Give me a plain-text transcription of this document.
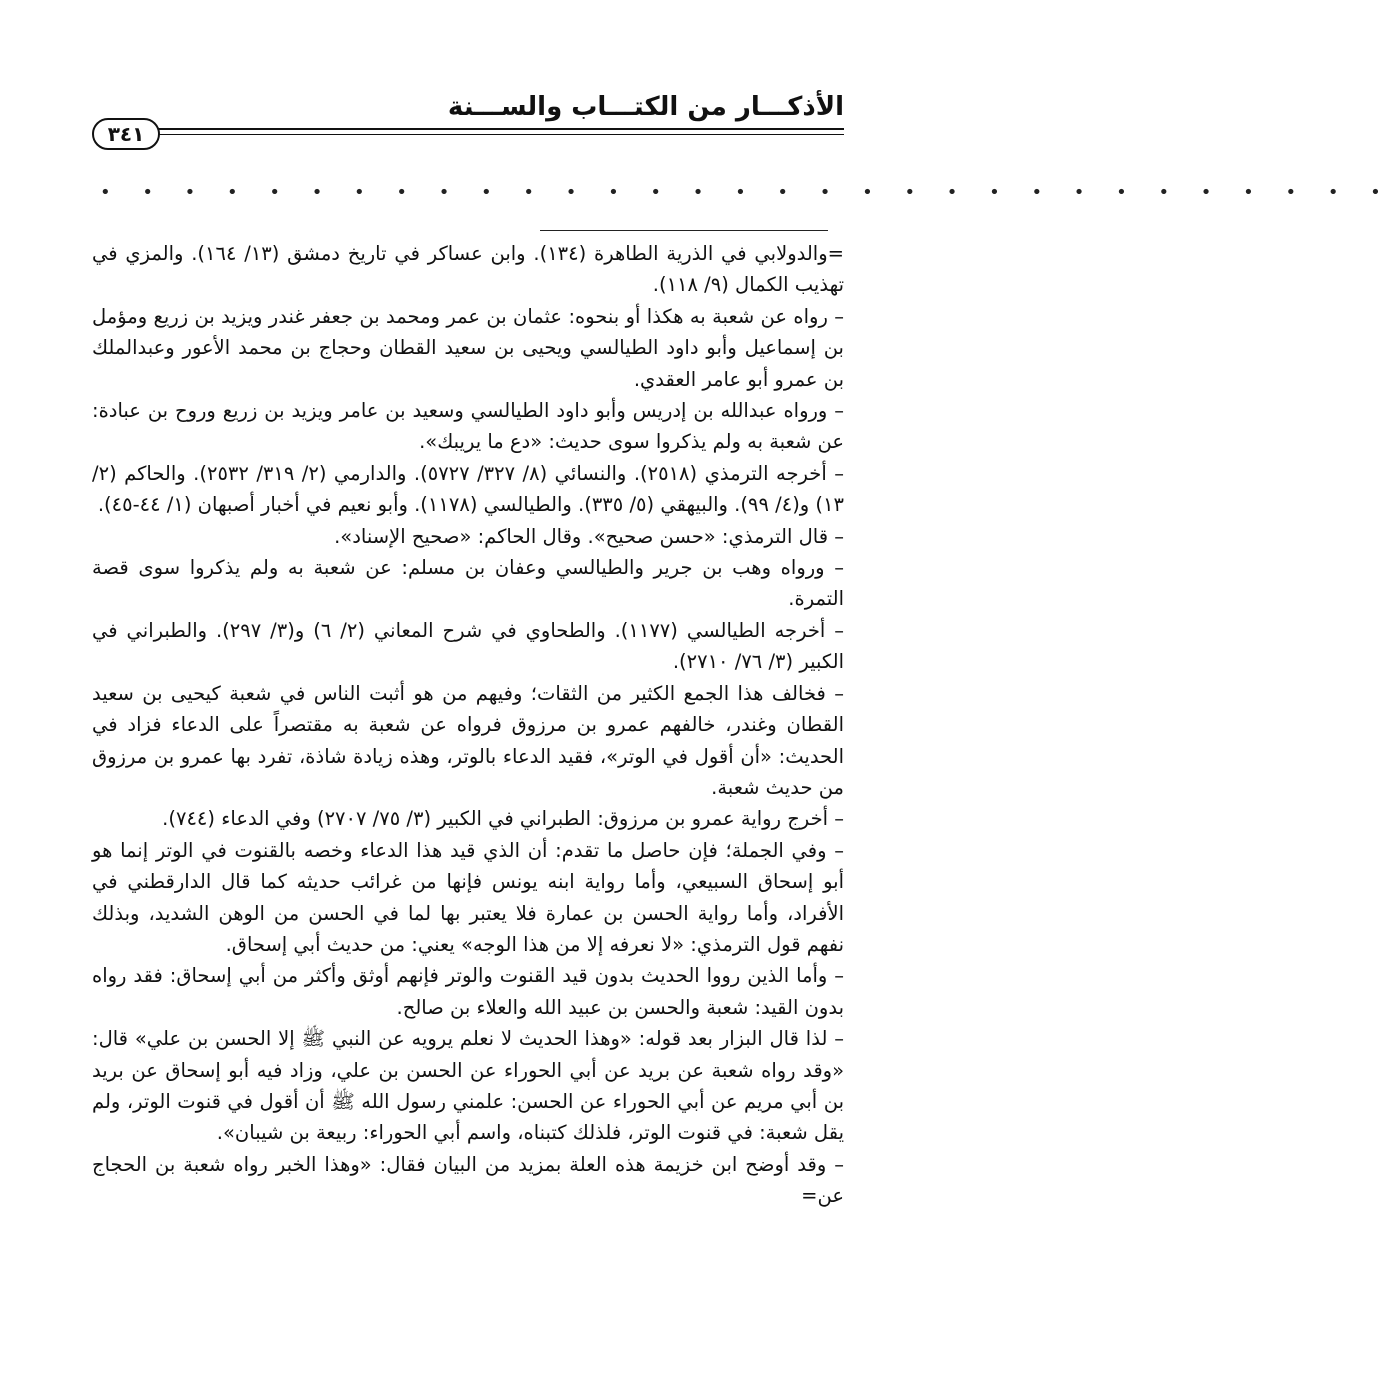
الأذكـــار من الكتـــاب والســـنة
٣٤١
• • • • • • • • • • • • • • • • • • • • • • • • • • • • • • •

=والدولابي في الذرية الطاهرة (١٣٤). وابن عساكر في تاريخ دمشق (١٣/ ١٦٤). والمزي في تهذيب الكمال (٩/ ١١٨).

– رواه عن شعبة به هكذا أو بنحوه: عثمان بن عمر ومحمد بن جعفر غندر ويزيد بن زريع ومؤمل بن إسماعيل وأبو داود الطيالسي ويحيى بن سعيد القطان وحجاج بن محمد الأعور وعبدالملك بن عمرو أبو عامر العقدي.

– ورواه عبدالله بن إدريس وأبو داود الطيالسي وسعيد بن عامر ويزيد بن زريع وروح بن عبادة: عن شعبة به ولم يذكروا سوى حديث: «دع ما يريبك».

– أخرجه الترمذي (٢٥١٨). والنسائي (٨/ ٣٢٧/ ٥٧٢٧). والدارمي (٢/ ٣١٩/ ٢٥٣٢). والحاكم (٢/ ١٣) و(٤/ ٩٩). والبيهقي (٥/ ٣٣٥). والطيالسي (١١٧٨). وأبو نعيم في أخبار أصبهان (١/ ٤٤-٤٥).

– قال الترمذي: «حسن صحيح». وقال الحاكم: «صحيح الإسناد».

– ورواه وهب بن جرير والطيالسي وعفان بن مسلم: عن شعبة به ولم يذكروا سوى قصة التمرة.

– أخرجه الطيالسي (١١٧٧). والطحاوي في شرح المعاني (٢/ ٦) و(٣/ ٢٩٧). والطبراني في الكبير (٣/ ٧٦/ ٢٧١٠).

– فخالف هذا الجمع الكثير من الثقات؛ وفيهم من هو أثبت الناس في شعبة كيحيى بن سعيد القطان وغندر، خالفهم عمرو بن مرزوق فرواه عن شعبة به مقتصراً على الدعاء فزاد في الحديث: «أن أقول في الوتر»، فقيد الدعاء بالوتر، وهذه زيادة شاذة، تفرد بها عمرو بن مرزوق من حديث شعبة.

– أخرج رواية عمرو بن مرزوق: الطبراني في الكبير (٣/ ٧٥/ ٢٧٠٧) وفي الدعاء (٧٤٤).

– وفي الجملة؛ فإن حاصل ما تقدم: أن الذي قيد هذا الدعاء وخصه بالقنوت في الوتر إنما هو أبو إسحاق السبيعي، وأما رواية ابنه يونس فإنها من غرائب حديثه كما قال الدارقطني في الأفراد، وأما رواية الحسن بن عمارة فلا يعتبر بها لما في الحسن من الوهن الشديد، وبذلك نفهم قول الترمذي: «لا نعرفه إلا من هذا الوجه» يعني: من حديث أبي إسحاق.

– وأما الذين رووا الحديث بدون قيد القنوت والوتر فإنهم أوثق وأكثر من أبي إسحاق: فقد رواه بدون القيد: شعبة والحسن بن عبيد الله والعلاء بن صالح.

– لذا قال البزار بعد قوله: «وهذا الحديث لا نعلم يرويه عن النبي ﷺ إلا الحسن بن علي» قال: «وقد رواه شعبة عن بريد عن أبي الحوراء عن الحسن بن علي، وزاد فيه أبو إسحاق عن بريد بن أبي مريم عن أبي الحوراء عن الحسن: علمني رسول الله ﷺ أن أقول في قنوت الوتر، ولم يقل شعبة: في قنوت الوتر، فلذلك كتبناه، واسم أبي الحوراء: ربيعة بن شيبان».

– وقد أوضح ابن خزيمة هذه العلة بمزيد من البيان فقال: «وهذا الخبر رواه شعبة بن الحجاج عن=
